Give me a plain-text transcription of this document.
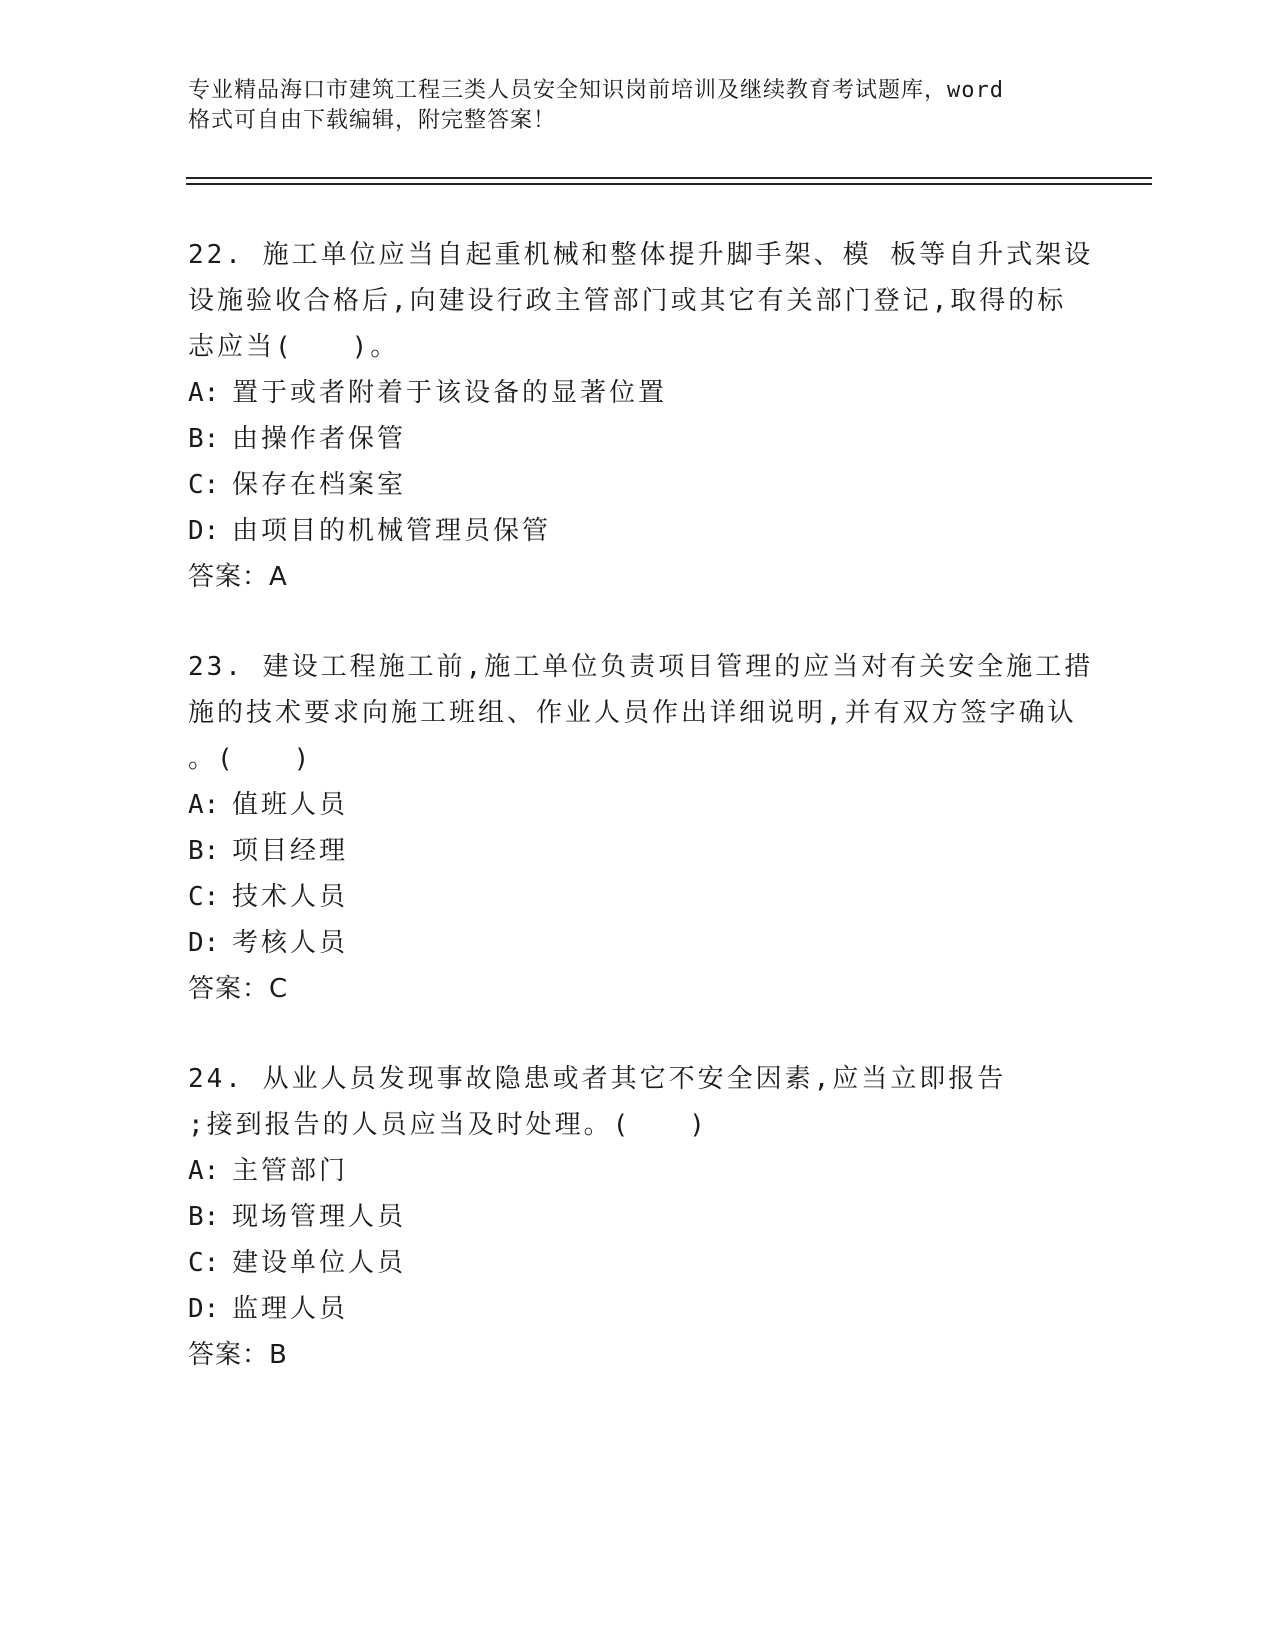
专业精品海口市建筑工程三类人员安全知识岗前培训及继续教育考试题库，word
格式可自由下载编辑，附完整答案！
22. 施工单位应当自起重机械和整体提升脚手架、模 板等自升式架设
设施验收合格后,向建设行政主管部门或其它有关部门登记,取得的标
志应当(　　)。
A: 置于或者附着于该设备的显著位置
B: 由操作者保管
C: 保存在档案室
D: 由项目的机械管理员保管
答案：A
23. 建设工程施工前,施工单位负责项目管理的应当对有关安全施工措
施的技术要求向施工班组、作业人员作出详细说明,并有双方签字确认
。(　　)
A: 值班人员
B: 项目经理
C: 技术人员
D: 考核人员
答案：C
24. 从业人员发现事故隐患或者其它不安全因素,应当立即报告
;接到报告的人员应当及时处理。(　　)
A: 主管部门
B: 现场管理人员
C: 建设单位人员
D: 监理人员
答案：B
